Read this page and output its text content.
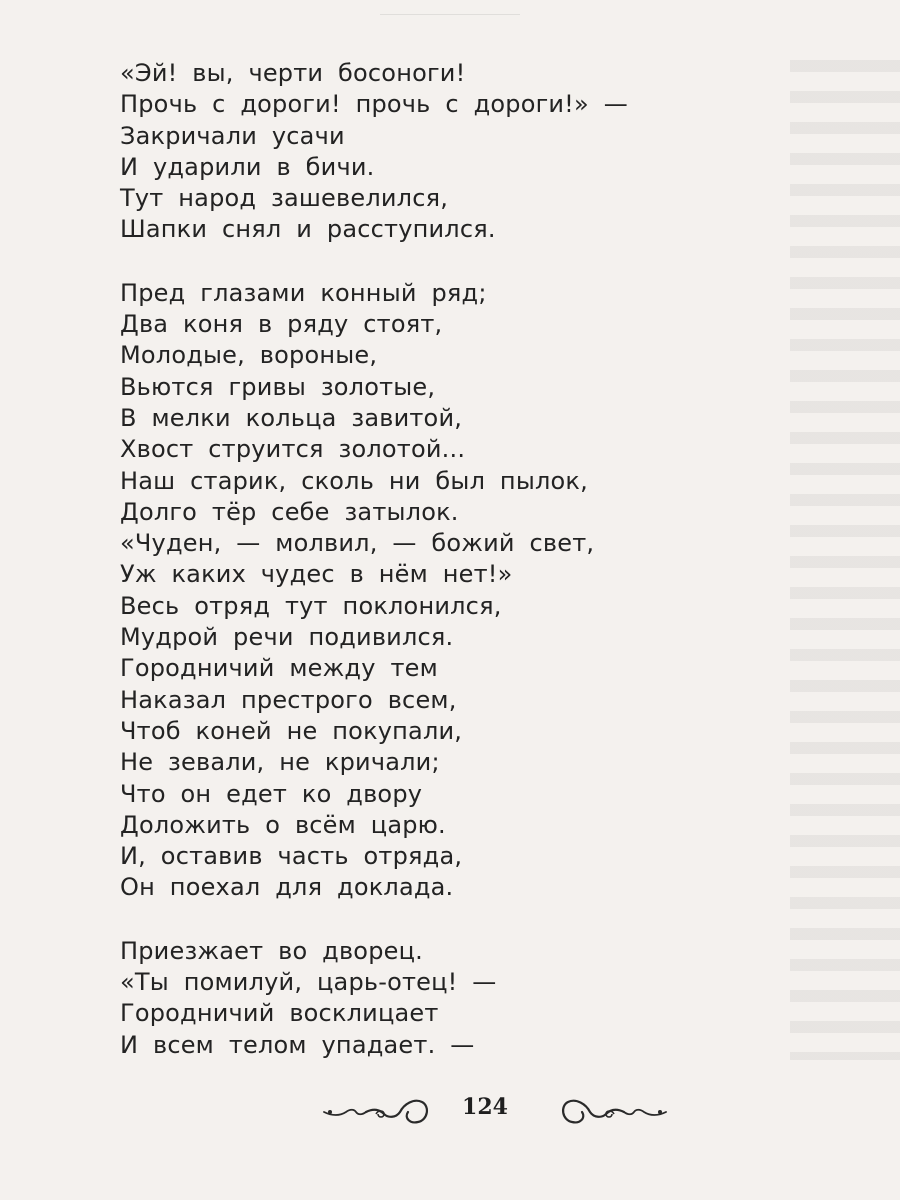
«Эй! вы, черти босоноги!
Прочь с дороги! прочь с дороги!» —
Закричали усачи
И ударили в бичи.
Тут народ зашевелился,
Шапки снял и расступился.
Пред глазами конный ряд;
Два коня в ряду стоят,
Молодые, вороные,
Вьются гривы золотые,
В мелки кольца завитой,
Хвост струится золотой...
Наш старик, сколь ни был пылок,
Долго тёр себе затылок.
«Чуден, — молвил, — божий свет,
Уж каких чудес в нём нет!»
Весь отряд тут поклонился,
Мудрой речи подивился.
Городничий между тем
Наказал престрого всем,
Чтоб коней не покупали,
Не зевали, не кричали;
Что он едет ко двору
Доложить о всём царю.
И, оставив часть отряда,
Он поехал для доклада.
Приезжает во дворец.
«Ты помилуй, царь-отец! —
Городничий восклицает
И всем телом упадает. —
124
